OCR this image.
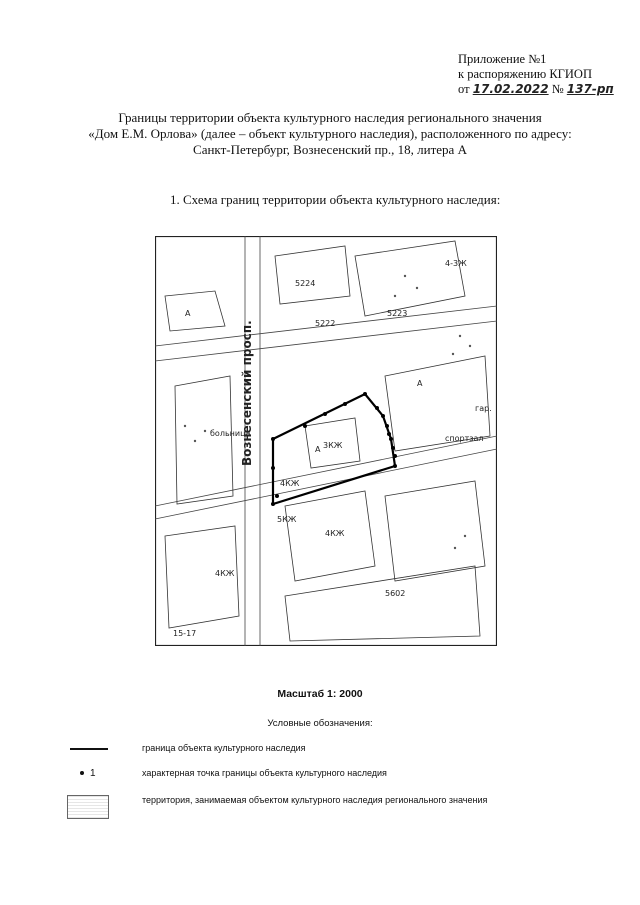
Приложение №1
к распоряжению КГИОП
от 17.02.2022 № 137-рп
Границы территории объекта культурного наследия регионального значения
«Дом Е.М. Орлова» (далее – объект культурного наследия), расположенного по адресу:
Санкт-Петербург, Вознесенский пр., 18, литера А
1. Схема границ территории объекта культурного наследия:
Вознесенский просп.
А
А
А
3КЖ
4КЖ
4КЖ
4-3Ж
больница
5222
5223
5224
5602
гар.
спортзал
5КЖ
4КЖ
15-17
Масштаб 1: 2000
Условные обозначения:
граница объекта культурного наследия
1	характерная точка границы объекта культурного наследия
территория, занимаемая объектом культурного наследия регионального значения
